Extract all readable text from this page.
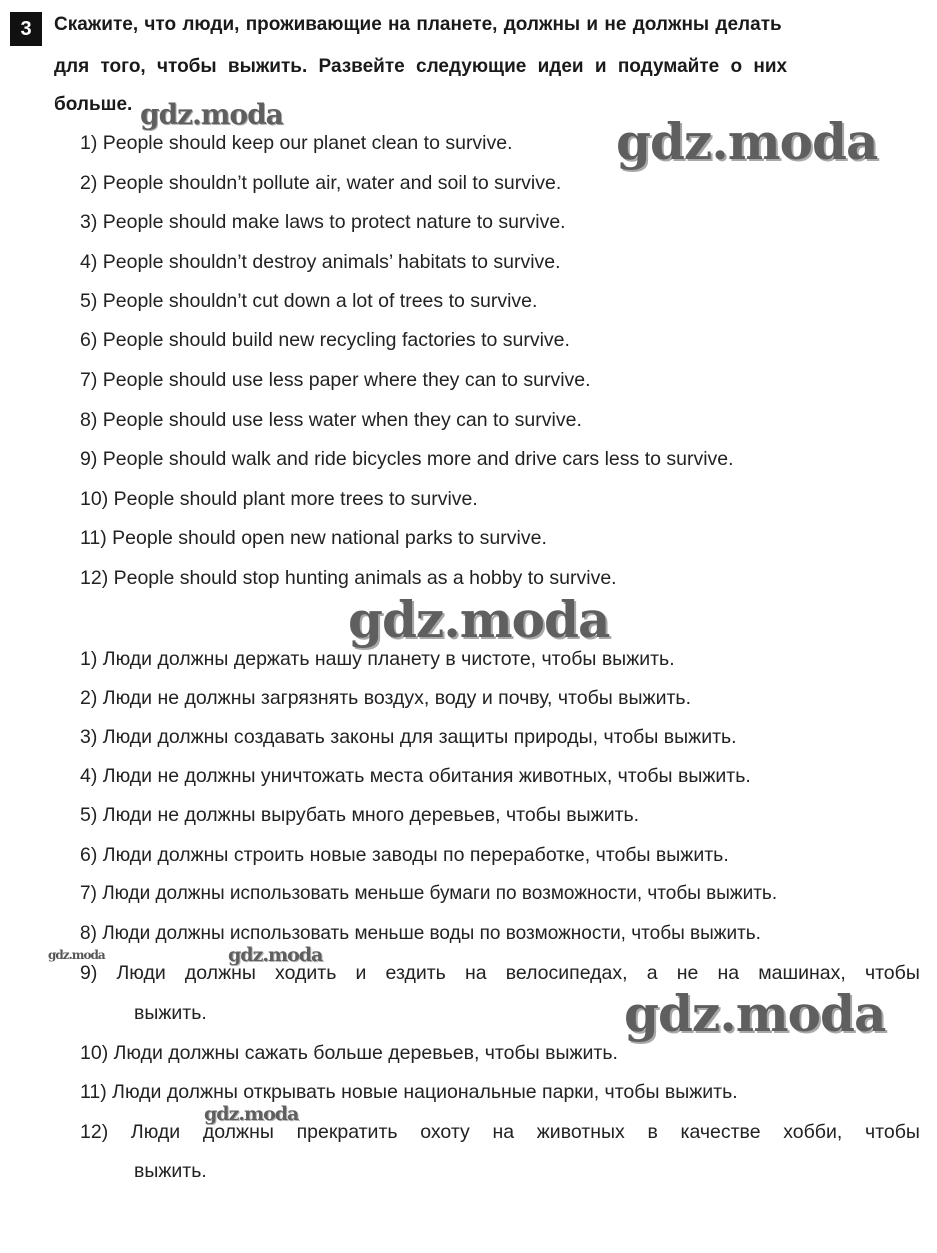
3	Скажите, что люди, проживающие на планете, должны и не должны делать
для того, чтобы выжить. Развейте следующие идеи и подумайте о них
больше.
1) People should keep our planet clean to survive.
2) People shouldn’t pollute air, water and soil to survive.
3) People should make laws to protect nature to survive.
4) People shouldn’t destroy animals’ habitats to survive.
5) People shouldn’t cut down a lot of trees to survive.
6) People should build new recycling factories to survive.
7) People should use less paper where they can to survive.
8) People should use less water when they can to survive.
9) People should walk and ride bicycles more and drive cars less to survive.
10) People should plant more trees to survive.
11) People should open new national parks to survive.
12) People should stop hunting animals as a hobby to survive.
1) Люди должны держать нашу планету в чистоте, чтобы выжить.
2) Люди не должны загрязнять воздух, воду и почву, чтобы выжить.
3) Люди должны создавать законы для защиты природы, чтобы выжить.
4) Люди не должны уничтожать места обитания животных, чтобы выжить.
5) Люди не должны вырубать много деревьев, чтобы выжить.
6) Люди должны строить новые заводы по переработке, чтобы выжить.
7) Люди должны использовать меньше бумаги по возможности, чтобы выжить.
8) Люди должны использовать меньше воды по возможности, чтобы выжить.
9) Люди должны ходить и ездить на велосипедах, а не на машинах, чтобы
выжить.
10) Люди должны сажать больше деревьев, чтобы выжить.
11) Люди должны открывать новые национальные парки, чтобы выжить.
12) Люди должны прекратить охоту на животных в качестве хобби, чтобы
выжить.
gdz.moda	gdz.moda
gdz.moda
gdz.moda	gdz.moda
gdz.moda
gdz.moda
